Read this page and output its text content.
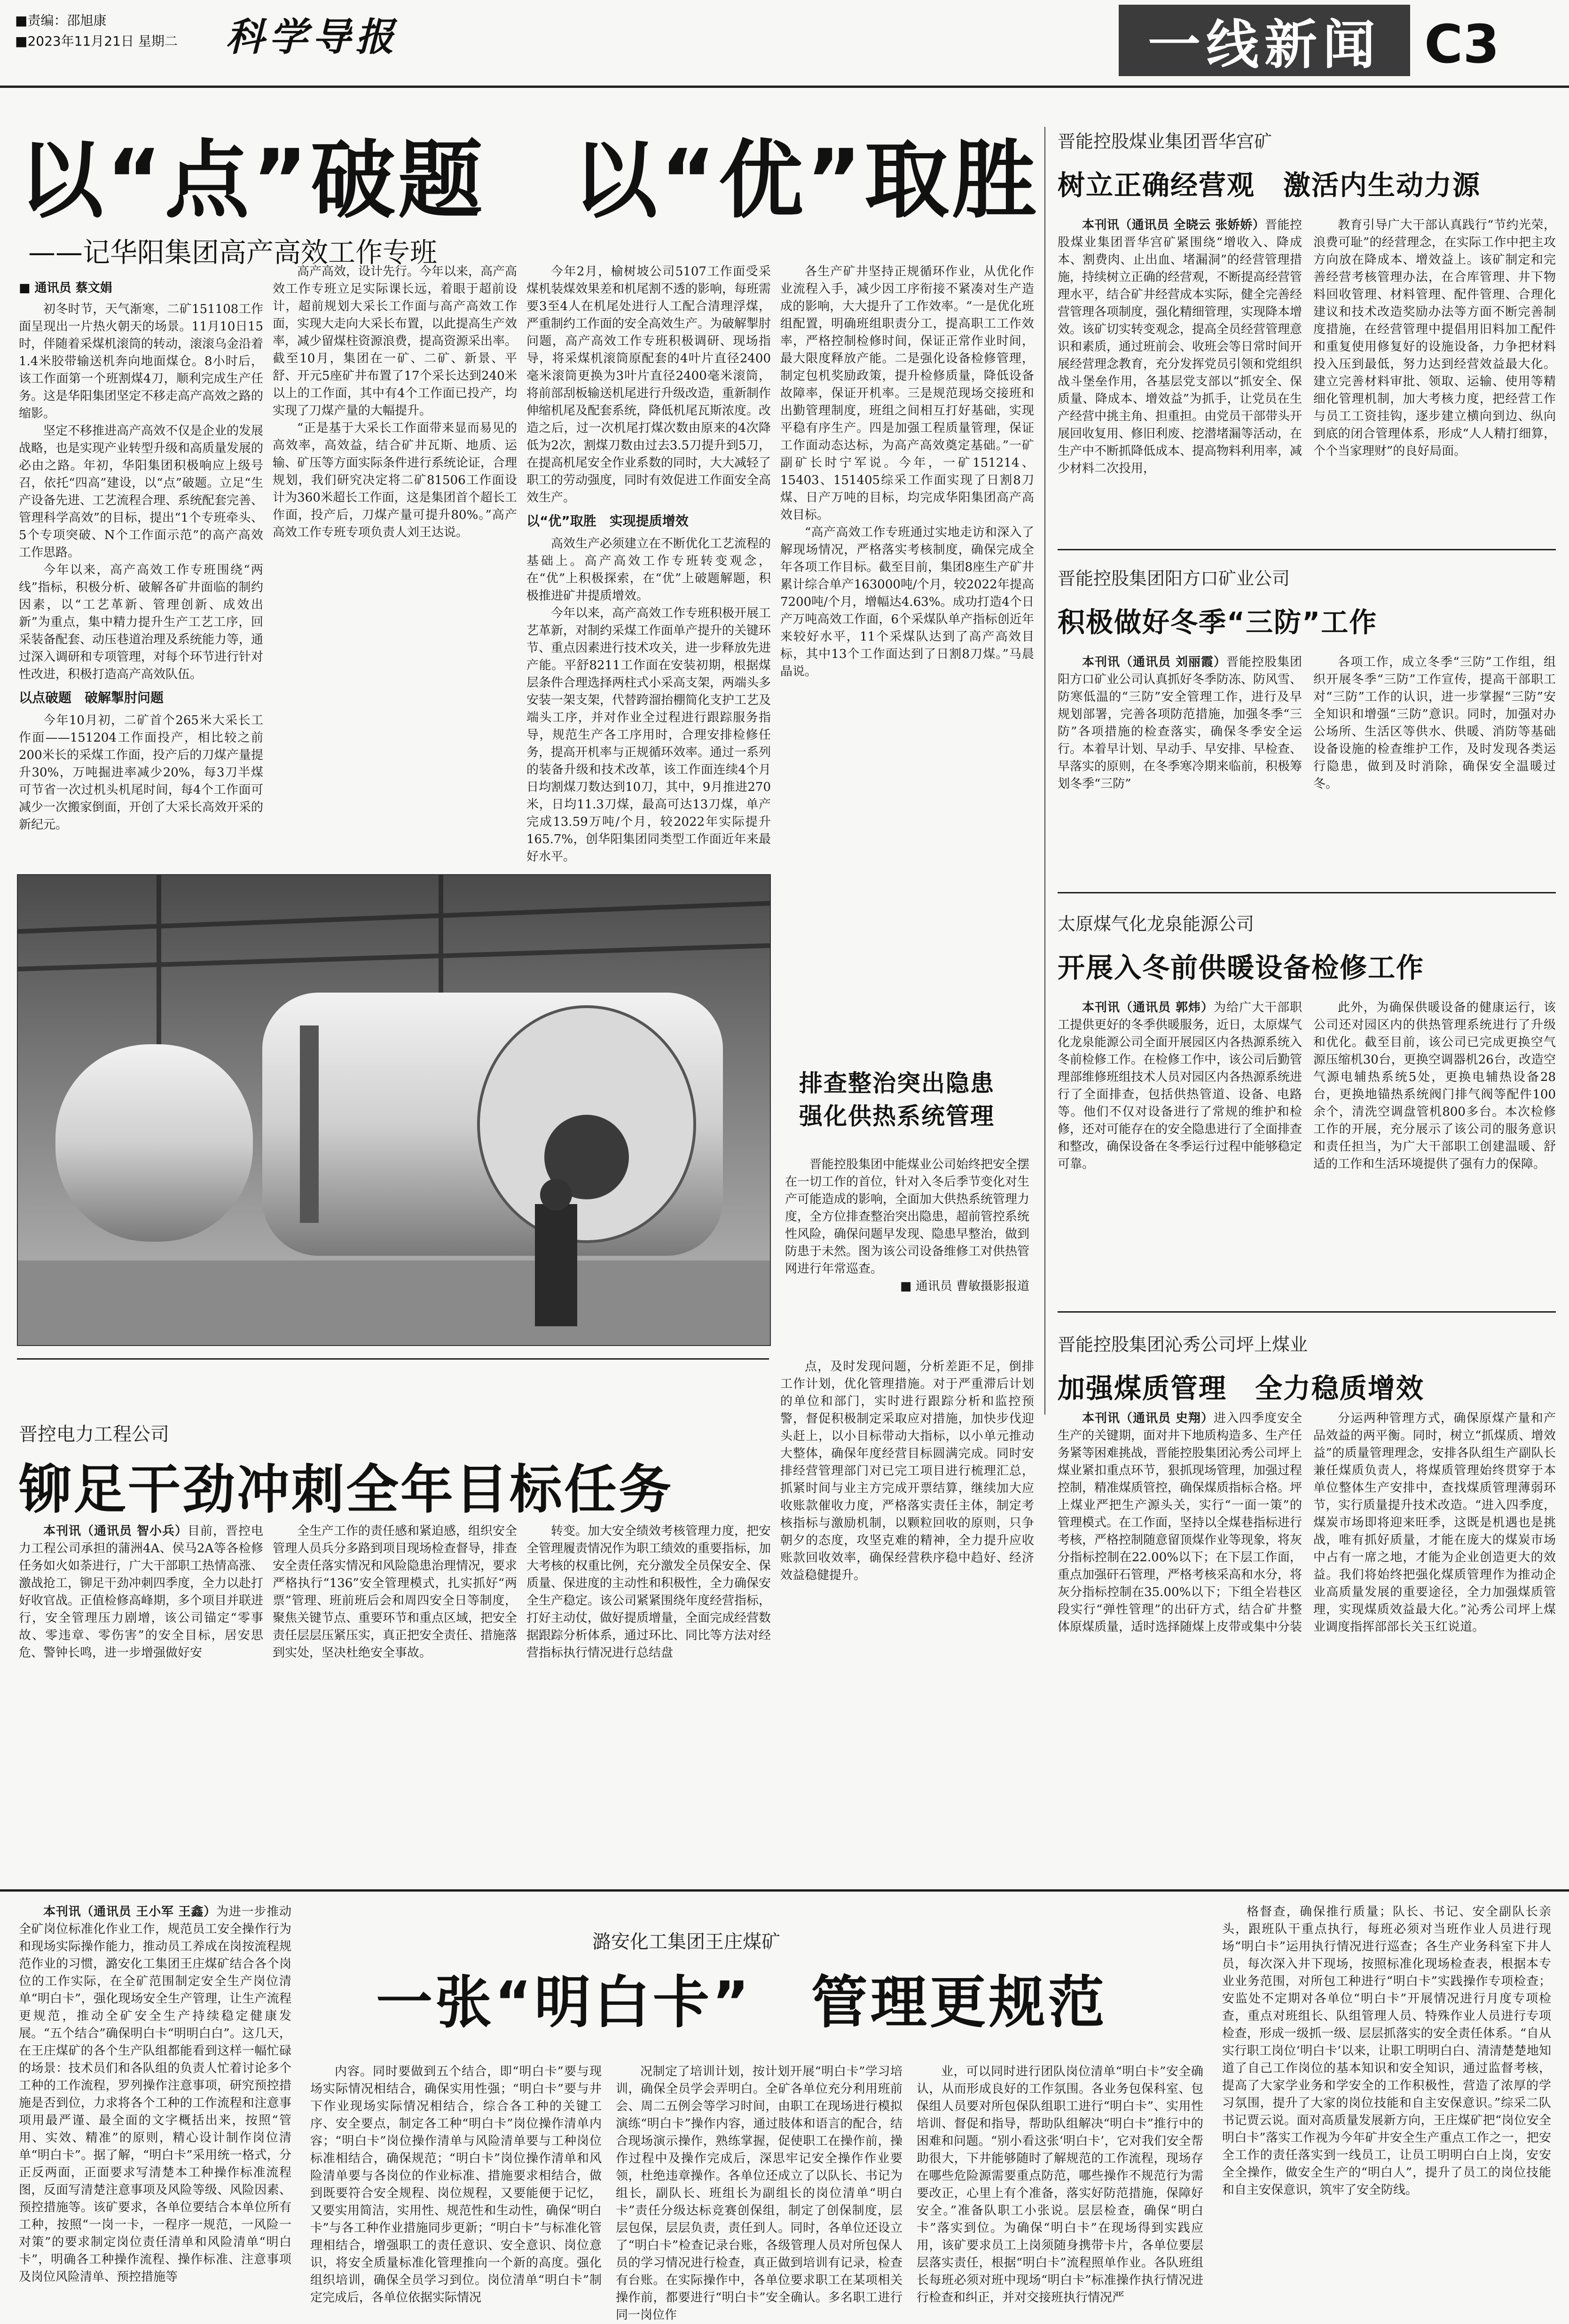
■责编：邵旭康
■2023年11月21日 星期二 科学导报	一线新闻 C3
以“点”破题　以“优”取胜
——记华阳集团高产高效工作专班
■ 通讯员 蔡文娟

初冬时节，天气渐寒，二矿151108工作面呈现出一片热火朝天的场景。11月10日15时，伴随着采煤机滚筒的转动，滚滚乌金沿着1.4米胶带输送机奔向地面煤仓。8小时后，该工作面第一个班割煤4刀，顺利完成生产任务。这是华阳集团坚定不移走高产高效之路的缩影。

坚定不移推进高产高效不仅是企业的发展战略，也是实现产业转型升级和高质量发展的必由之路。年初，华阳集团积极响应上级号召，依托“四高”建设，以“点”破题。立足“生产设备先进、工艺流程合理、系统配套完善、管理科学高效”的目标，提出“1个专班牵头、5个专项突破、N个工作面示范”的高产高效工作思路。

今年以来，高产高效工作专班围绕“两线”指标，积极分析、破解各矿井面临的制约因素，以“工艺革新、管理创新、成效出新”为重点，集中精力提升生产工艺工序，回采装备配套、动压巷道治理及系统能力等，通过深入调研和专项管理，对每个环节进行针对性改进，积极打造高产高效队伍。

以点破题　破解掣肘问题

今年10月初，二矿首个265米大采长工作面——151204工作面投产，相比较之前200米长的采煤工作面，投产后的刀煤产量提升30%，万吨掘进率减少20%，每3刀半煤可节省一次过机头机尾时间，每4个工作面可减少一次搬家倒面，开创了大采长高效开采的新纪元。

高产高效，设计先行。今年以来，高产高效工作专班立足实际课长远，着眼于超前设计，超前规划大采长工作面与高产高效工作面，实现大走向大采长布置，以此提高生产效率，减少留煤柱资源浪费，提高资源采出率。截至10月，集团在一矿、二矿、新景、平舒、开元5座矿井布置了17个采长达到240米以上的工作面，其中有4个工作面已投产，均实现了刀煤产量的大幅提升。

“正是基于大采长工作面带来显而易见的高效率，高效益，结合矿井瓦斯、地质、运输、矿压等方面实际条件进行系统论证，合理规划，我们研究决定将二矿81506工作面设计为360米超长工作面，这是集团首个超长工作面，投产后，刀煤产量可提升80%。”高产高效工作专班专项负责人刘王达说。

今年2月，榆树坡公司5107工作面受采煤机装煤效果差和机尾割不透的影响，每班需要3至4人在机尾处进行人工配合清理浮煤，严重制约工作面的安全高效生产。为破解掣肘问题，高产高效工作专班积极调研、现场指导，将采煤机滚筒原配套的4叶片直径2400毫米滚筒更换为3叶片直径2400毫米滚筒，将前部刮板输送机尾进行升级改造，重新制作伸缩机尾及配套系统，降低机尾瓦斯浓度。改造之后，过一次机尾打煤次数由原来的4次降低为2次，割煤刀数由过去3.5刀提升到5刀，在提高机尾安全作业系数的同时，大大减轻了职工的劳动强度，同时有效促进工作面安全高效生产。

以“优”取胜　实现提质增效

高效生产必须建立在不断优化工艺流程的基础上。高产高效工作专班转变观念，在“优”上积极探索，在“优”上破题解题，积极推进矿井提质增效。

今年以来，高产高效工作专班积极开展工艺革新，对制约采煤工作面单产提升的关键环节、重点因素进行技术攻关，进一步释放先进产能。平舒8211工作面在安装初期，根据煤层条件合理选择两柱式小采高支架，两端头多安装一架支架，代替跨溜抬棚简化支护工艺及端头工序，并对作业全过程进行跟踪服务指导，规范生产各工序用时，合理安排检修任务，提高开机率与正规循环效率。通过一系列的装备升级和技术改革，该工作面连续4个月日均割煤刀数达到10刀，其中，9月推进270米，日均11.3刀煤，最高可达13刀煤，单产完成13.59万吨/个月，较2022年实际提升165.7%，创华阳集团同类型工作面近年来最好水平。

各生产矿井坚持正规循环作业，从优化作业流程入手，减少因工序衔接不紧凑对生产造成的影响，大大提升了工作效率。“一是优化班组配置，明确班组职责分工，提高职工工作效率，严格控制检修时间，保证正常作业时间，最大限度释放产能。二是强化设备检修管理，制定包机奖励政策，提升检修质量，降低设备故障率，保证开机率。三是规范现场交接班和出勤管理制度，班组之间相互打好基础，实现平稳有序生产。四是加强工程质量管理，保证工作面动态达标，为高产高效奠定基础。”一矿副矿长时宁军说。今年，一矿151214、15403、151405综采工作面实现了日割8刀煤、日产万吨的目标，均完成华阳集团高产高效目标。

“高产高效工作专班通过实地走访和深入了解现场情况，严格落实考核制度，确保完成全年各项工作目标。截至目前，集团8座生产矿井累计综合单产163000吨/个月，较2022年提高7200吨/个月，增幅达4.63%。成功打造4个日产万吨高效工作面，6个采煤队单产指标创近年来较好水平，11个采煤队达到了高产高效目标，其中13个工作面达到了日割8刀煤。”马晨晶说。

排查整治突出隐患
强化供热系统管理

晋能控股集团中能煤业公司始终把安全摆在一切工作的首位，针对入冬后季节变化对生产可能造成的影响，全面加大供热系统管理力度，全方位排查整治突出隐患，超前管控系统性风险，确保问题早发现、隐患早整治，做到防患于未然。图为该公司设备维修工对供热管网进行年常巡查。

■ 通讯员 曹敏摄影报道
晋能控股煤业集团晋华宫矿
树立正确经营观　激活内生动力源

本刊讯（通讯员 全晓云 张娇娇）晋能控股煤业集团晋华宫矿紧围绕“增收入、降成本、割费肉、止出血、堵漏洞”的经营管理措施，持续树立正确的经营观，不断提高经营管理水平，结合矿井经营成本实际，健全完善经营管理各项制度，强化精细管理，实现降本增效。该矿切实转变观念，提高全员经营管理意识和素质，通过班前会、收班会等日常时间开展经营理念教育，充分发挥党员引领和党组织战斗堡垒作用，各基层党支部以“抓安全、保质量、降成本、增效益”为抓手，让党员在生产经营中挑主角、担重担。由党员干部带头开展回收复用、修旧利废、挖潜堵漏等活动，在生产中不断抓降低成本、提高物料利用率，减少材料二次投用，

教育引导广大干部认真践行“节约光荣，浪费可耻”的经营理念，在实际工作中把主攻方向放在降成本、增效益上。该矿制定和完善经营考核管理办法，在合库管理、井下物料回收管理、材料管理、配件管理、合理化建议和技术改造奖励办法等方面不断完善制度措施，在经营管理中提倡用旧料加工配件和重复使用修复好的设施设备，力争把材料投入压到最低，努力达到经营效益最大化。建立完善材料审批、领取、运输、使用等精细化管理机制，加大考核力度，把经营工作与员工工资挂钩，逐步建立横向到边、纵向到底的闭合管理体系，形成“人人精打细算，个个当家理财”的良好局面。

晋能控股集团阳方口矿业公司
积极做好冬季“三防”工作

本刊讯（通讯员 刘丽霞）晋能控股集团阳方口矿业公司认真抓好冬季防冻、防风雪、防寒低温的“三防”安全管理工作，进行及早规划部署，完善各项防范措施，加强冬季“三防”各项措施的检查落实，确保冬季安全运行。本着早计划、早动手、早安排、早检查、早落实的原则，在冬季寒冷期来临前，积极筹划冬季“三防”

各项工作，成立冬季“三防”工作组，组织开展冬季“三防”工作宣传，提高干部职工对“三防”工作的认识，进一步掌握“三防”安全知识和增强“三防”意识。同时，加强对办公场所、生活区等供水、供暖、消防等基础设备设施的检查维护工作，及时发现各类运行隐患，做到及时消除，确保安全温暖过冬。

太原煤气化龙泉能源公司
开展入冬前供暖设备检修工作

本刊讯（通讯员 郭炜）为给广大干部职工提供更好的冬季供暖服务，近日，太原煤气化龙泉能源公司全面开展园区内各热源系统入冬前检修工作。在检修工作中，该公司后勤管理部维修班组技术人员对园区内各热源系统进行了全面排查，包括供热管道、设备、电路等。他们不仅对设备进行了常规的维护和检修，还对可能存在的安全隐患进行了全面排查和整改，确保设备在冬季运行过程中能够稳定可靠。

此外，为确保供暖设备的健康运行，该公司还对园区内的供热管理系统进行了升级和优化。截至目前，该公司已完成更换空气源压缩机30台，更换空调器机26台，改造空气源电辅热系统5处，更换电辅热设备28台，更换地锚热系统阀门排气阀等配件100余个，清洗空调盘管机800多台。本次检修工作的开展，充分展示了该公司的服务意识和责任担当，为广大干部职工创建温暖、舒适的工作和生活环境提供了强有力的保障。

晋能控股集团沁秀公司坪上煤业
加强煤质管理　全力稳质增效

本刊讯（通讯员 史翔）进入四季度安全生产的关键期，面对井下地质构造多、生产任务紧等困难挑战，晋能控股集团沁秀公司坪上煤业紧扣重点环节，狠抓现场管理，加强过程控制，精准煤质管控，确保煤质指标合格。坪上煤业严把生产源头关，实行“一面一策”的管理模式。在工作面，坚持以全煤巷指标进行考核，严格控制随意留顶煤作业等现象，将灰分指标控制在22.00%以下；在下层工作面，重点加强矸石管理，严格考核采高和水分，将灰分指标控制在35.00%以下；下组全岩巷区段实行“弹性管理”的出矸方式，结合矿井整体原煤质量，适时选择随煤上皮带或集中分装

分运两种管理方式，确保原煤产量和产品效益的两平衡。同时，树立“抓煤质、增效益”的质量管理理念，安排各队组生产副队长兼任煤质负责人，将煤质管理始终贯穿于本单位整体生产安排中，查找煤质管理薄弱环节，实行质量提升技术改造。“进入四季度，煤炭市场即将迎来旺季，这既是机遇也是挑战，唯有抓好质量，才能在庞大的煤炭市场中占有一席之地，才能为企业创造更大的效益。我们将始终把强化煤质管理作为推动企业高质量发展的重要途径，全力加强煤质管理，实现煤质效益最大化。”沁秀公司坪上煤业调度指挥部部长关玉红说道。

晋控电力工程公司
铆足干劲冲刺全年目标任务

本刊讯（通讯员 智小兵）目前，晋控电力工程公司承担的蒲洲4A、侯马2A等各检修任务如火如荼进行，广大干部职工热情高涨、激战抢工，铆足干劲冲刺四季度，全力以赴打好收官战。正值检修高峰期，多个项目并联进行，安全管理压力剧增，该公司锚定“零事故、零违章、零伤害”的安全目标，居安思危、警钟长鸣，进一步增强做好安

全生产工作的责任感和紧迫感，组织安全管理人员兵分多路到项目现场检查督导，排查安全责任落实情况和风险隐患治理情况，要求严格执行“136”安全管理模式，扎实抓好“两票”管理、班前班后会和周四安全日等制度，聚焦关键节点、重要环节和重点区域，把安全责任层层压紧压实，真正把安全责任、措施落到实处，坚决杜绝安全事故。

转变。加大安全绩效考核管理力度，把安全管理履责情况作为职工绩效的重要指标，加大考核的权重比例，充分激发全员保安全、保质量、保进度的主动性和积极性，全力确保安全生产稳定。该公司紧紧围绕年度经营指标，打好主动仗，做好提质增量，全面完成经营数据跟踪分析体系，通过环比、同比等方法对经营指标执行情况进行总结盘

点，及时发现问题，分析差距不足，倒排工作计划，优化管理措施。对于严重滞后计划的单位和部门，实时进行跟踪分析和监控预警，督促积极制定采取应对措施，加快步伐迎头赶上，以小目标带动大指标，以小单元推动大整体，确保年度经营目标圆满完成。同时安排经营管理部门对已完工项目进行梳理汇总，抓紧时间与业主方完成开票结算，继续加大应收账款催收力度，严格落实责任主体，制定考核指标与激励机制，以颗粒回收的原则，只争朝夕的态度，攻坚克难的精神，全力提升应收账款回收效率，确保经营秩序稳中趋好、经济效益稳健提升。

潞安化工集团王庄煤矿
一张“明白卡”　管理更规范

本刊讯（通讯员 王小军 王鑫）为进一步推动全矿岗位标准化作业工作，规范员工安全操作行为和现场实际操作能力，推动员工养成在岗按流程规范作业的习惯，潞安化工集团王庄煤矿结合各个岗位的工作实际，在全矿范围制定安全生产岗位清单“明白卡”，强化现场安全生产管理，让生产流程更规范，推动全矿安全生产持续稳定健康发展。“五个结合”确保明白卡“明明白白”。这几天，在王庄煤矿的各个生产队组都能看到这样一幅忙碌的场景：技术员们和各队组的负责人忙着讨论多个工种的工作流程，罗列操作注意事项，研究预控措施是否到位，力求将各个工种的工作流程和注意事项用最严谨、最全面的文字概括出来，按照“管用、实效、精准”的原则，精心设计制作岗位清单“明白卡”。据了解，“明白卡”采用统一格式，分正反两面，正面要求写清楚本工种操作标准流程图，反面写清楚注意事项及风险等级、风险因素、预控措施等。该矿要求，各单位要结合本单位所有工种，按照“一岗一卡，一程序一规范，一风险一对策”的要求制定岗位责任清单和风险清单“明白卡”，明确各工种操作流程、操作标准、注意事项及岗位风险清单、预控措施等

内容。同时要做到五个结合，即“明白卡”要与现场实际情况相结合，确保实用性强；“明白卡”要与井下作业现场实际情况相结合，综合各工种的关键工序、安全要点，制定各工种“明白卡”岗位操作清单内容；“明白卡”岗位操作清单与风险清单要与工种岗位标准相结合，确保规范；“明白卡”岗位操作清单和风险清单要与各岗位的作业标准、措施要求相结合，做到既要符合安全规程、岗位规程，又要能便于记忆，又要实用简洁，实用性、规范性和生动性，确保“明白卡”与各工种作业措施同步更新；“明白卡”与标准化管理相结合，增强职工的责任意识、安全意识、岗位意识，将安全质量标准化管理推向一个新的高度。强化组织培训，确保全员学习到位。岗位清单“明白卡”制定完成后，各单位依据实际情况

况制定了培训计划，按计划开展“明白卡”学习培训，确保全员学会弄明白。全矿各单位充分利用班前会、周二五例会等学习时间，由职工在现场进行模拟演练“明白卡”操作内容，通过肢体和语言的配合，结合现场演示操作，熟练掌握，促使职工在操作前，操作过程中及操作完成后，深思牢记安全操作作业要领，杜绝违章操作。各单位还成立了以队长、书记为组长，副队长、班组长为副组长的岗位清单“明白卡”责任分级达标竞赛创保组，制定了创保制度，层层包保，层层负责，责任到人。同时，各单位还设立了“明白卡”检查记录台账，各级管理人员对所包保人员的学习情况进行检查，真正做到培训有记录，检查有台账。在实际操作中，各单位要求职工在某项相关操作前，都要进行“明白卡”安全确认。多名职工进行同一岗位作

业，可以同时进行团队岗位清单“明白卡”安全确认，从而形成良好的工作氛围。各业务包保科室、包保组人员要对所包保队组职工进行“明白卡”、实用性培训、督促和指导，帮助队组解决“明白卡”推行中的困难和问题。“别小看这张‘明白卡’，它对我们安全帮助很大，下井能够随时了解规范的工作流程，现场存在哪些危险源需要重点防范，哪些操作不规范行为需要改正，心里上有个准备，落实好防范措施，保障好安全。”准备队职工小张说。层层检查，确保“明白卡”落实到位。为确保“明白卡”在现场得到实践应用，该矿要求员工上岗须随身携带卡片，各单位要层层落实责任，根据“明白卡”流程照单作业。各队班组长每班必须对班中现场“明白卡”标准操作执行情况进行检查和纠正，并对交接班执行情况严

格督查，确保推行质量；队长、书记、安全副队长亲头，跟班队干重点执行，每班必须对当班作业人员进行现场“明白卡”运用执行情况进行巡查；各生产业务科室下井人员，每次深入井下现场，按照标准化现场检查表，根据本专业业务范围，对所包工种进行“明白卡”实践操作专项检查；安监处不定期对各单位“明白卡”开展情况进行月度专项检查，重点对班组长、队组管理人员、特殊作业人员进行专项检查，形成一级抓一级、层层抓落实的安全责任体系。“自从实行职工岗位‘明白卡’以来，让职工明明白白、清清楚楚地知道了自己工作岗位的基本知识和安全知识，通过监督考核，提高了大家学业务和学安全的工作积极性，营造了浓厚的学习氛围，提升了大家的岗位技能和自主安保意识。”综采二队书记贾云说。面对高质量发展新方向，王庄煤矿把“岗位安全明白卡”落实工作视为今年矿井安全生产重点工作之一，把安全工作的责任落实到一线员工，让员工明明白白上岗，安安全全操作，做安全生产的“明白人”，提升了员工的岗位技能和自主安保意识，筑牢了安全防线。
